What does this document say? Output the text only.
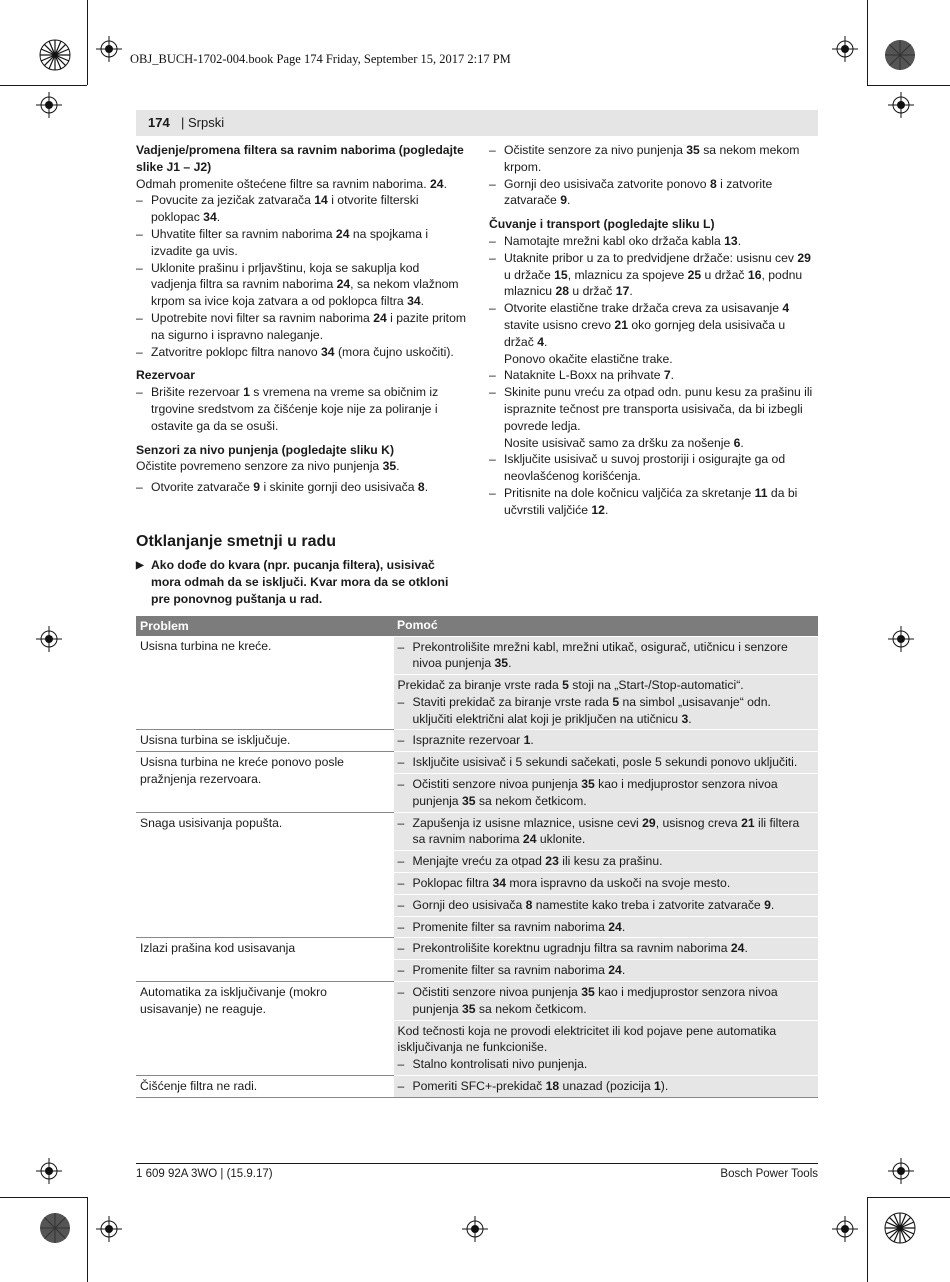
OBJ_BUCH-1702-004.book Page 174 Friday, September 15, 2017 2:17 PM
174 | Srpski
Vadjenje/promena filtera sa ravnim naborima (pogledajte slike J1 – J2)
Odmah promenite oštećene filtre sa ravnim naborima. 24.
– Povucite za jezičak zatvarača 14 i otvorite filterski poklopac 34.
– Uhvatite filter sa ravnim naborima 24 na spojkama i izvadite ga uvis.
– Uklonite prašinu i prljavštinu, koja se sakuplja kod vadjenja filtra sa ravnim naborima 24, sa nekom vlažnom krpom sa ivice koja zatvara a od poklopca filtra 34.
– Upotrebite novi filter sa ravnim naborima 24 i pazite pritom na sigurno i ispravno naleganje.
– Zatvoritre poklopc filtra nanovo 34 (mora čujno uskočiti).
Rezervoar
– Brišite rezervoar 1 s vremena na vreme sa običnim iz trgovine sredstvom za čišćenje koje nije za poliranje i ostavite ga da se osuši.
Senzori za nivo punjenja (pogledajte sliku K)
Očistite povremeno senzore za nivo punjenja 35.
– Otvorite zatvarače 9 i skinite gornji deo usisivača 8.
– Očistite senzore za nivo punjenja 35 sa nekom mekom krpom.
– Gornji deo usisivača zatvorite ponovo 8 i zatvorite zatvarače 9.
Čuvanje i transport (pogledajte sliku L)
– Namotajte mrežni kabl oko držača kabla 13.
– Utaknite pribor u za to predvidjene držače: usisnu cev 29 u držače 15, mlaznicu za spojeve 25 u držač 16, podnu mlaznicu 28 u držač 17.
– Otvorite elastične trake držača creva za usisavanje 4 stavite usisno crevo 21 oko gornjeg dela usisivača u držač 4.
Ponovo okačite elastične trake.
– Nataknite L-Boxx na prihvate 7.
– Skinite punu vreću za otpad odn. punu kesu za prašinu ili ispraznite tečnost pre transporta usisivača, da bi izbegli povrede ledja.
Nosite usisivač samo za dršku za nošenje 6.
– Isključite usisivač u suvoj prostoriji i osigurajte ga od neovlašćenog korišćenja.
– Pritisnite na dole kočnicu valjčića za skretanje 11 da bi učvrstili valjčiće 12.
Otklanjanje smetnji u radu
▶ Ako dođe do kvara (npr. pucanja filtera), usisivač mora odmah da se isključi. Kvar mora da se otkloni pre ponovnog puštanja u rad.
Problem	Pomoć
Usisna turbina ne kreće.	– Prekontrolišite mrežni kabl, mrežni utikač, osigurač, utičnicu i senzore nivoa punjenja 35.

	Prekidač za biranje vrste rada 5 stoji na „Start-/Stop-automatici“.
– Staviti prekidač za biranje vrste rada 5 na simbol „usisavanje“ odn. uključiti električni alat koji je priključen na utičnicu 3.

Usisna turbina se isključuje.	– Ispraznite rezervoar 1.

Usisna turbina ne kreće ponovo posle pražnjenja rezervoara.	– Isključite usisivač i 5 sekundi sačekati, posle 5 sekundi ponovo uključiti.

	– Očistiti senzore nivoa punjenja 35 kao i medjuprostor senzora nivoa punjenja 35 sa nekom četkicom.

Snaga usisivanja popušta.	– Zapušenja iz usisne mlaznice, usisne cevi 29, usisnog creva 21 ili filtera sa ravnim naborima 24 uklonite.

	– Menjajte vreću za otpad 23 ili kesu za prašinu.

	– Poklopac filtra 34 mora ispravno da uskoči na svoje mesto.

	– Gornji deo usisivača 8 namestite kako treba i zatvorite zatvarače 9.

	– Promenite filter sa ravnim naborima 24.

Izlazi prašina kod usisavanja	– Prekontrolišite korektnu ugradnju filtra sa ravnim naborima 24.

	– Promenite filter sa ravnim naborima 24.

Automatika za isključivanje (mokro usisavanje) ne reaguje.	– Očistiti senzore nivoa punjenja 35 kao i medjuprostor senzora nivoa punjenja 35 sa nekom četkicom.

	Kod tečnosti koja ne provodi elektricitet ili kod pojave pene automatika isključivanja ne funkcioniše.
– Stalno kontrolisati nivo punjenja.

Čišćenje filtra ne radi.	– Pomeriti SFC+-prekidač 18 unazad (pozicija 1).
1 609 92A 3WO | (15.9.17)	Bosch Power Tools
